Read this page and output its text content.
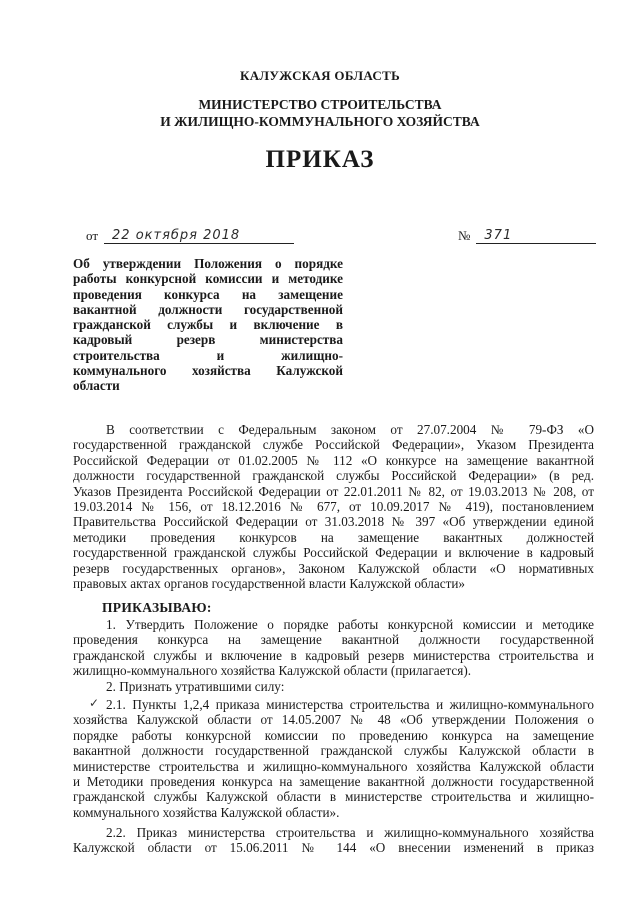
КАЛУЖСКАЯ ОБЛАСТЬ
МИНИСТЕРСТВО СТРОИТЕЛЬСТВА
И ЖИЛИЩНО-КОММУНАЛЬНОГО ХОЗЯЙСТВА
ПРИКАЗ
от 22 октября 2018	№ 371
Об утверждении Положения о порядке
работы конкурсной комиссии и методике
проведения конкурса на замещение
вакантной должности государственной
гражданской службы и включение в
кадровый резерв министерства
строительства и жилищно-
коммунального хозяйства Калужской
области
В соответствии с Федеральным законом от 27.07.2004 № 79-ФЗ «О
государственной гражданской службе Российской Федерации», Указом Президента
Российской Федерации от 01.02.2005 № 112 «О конкурсе на замещение вакантной
должности государственной гражданской службы Российской Федерации» (в ред.
Указов Президента Российской Федерации от 22.01.2011 № 82, от 19.03.2013 № 208, от
19.03.2014 № 156, от 18.12.2016 № 677, от 10.09.2017 № 419), постановлением
Правительства Российской Федерации от 31.03.2018 № 397 «Об утверждении единой
методики проведения конкурсов на замещение вакантных должностей
государственной гражданской службы Российской Федерации и включение в кадровый
резерв государственных органов», Законом Калужской области «О нормативных
правовых актах органов государственной власти Калужской области»
ПРИКАЗЫВАЮ:
1. Утвердить Положение о порядке работы конкурсной комиссии и методике
проведения конкурса на замещение вакантной должности государственной
гражданской службы и включение в кадровый резерв министерства строительства и
жилищно-коммунального хозяйства Калужской области (прилагается).
2. Признать утратившими силу:
✓ 2.1. Пункты 1,2,4 приказа министерства строительства и жилищно-коммунального
хозяйства Калужской области от 14.05.2007 № 48 «Об утверждении Положения о
порядке работы конкурсной комиссии по проведению конкурса на замещение
вакантной должности государственной гражданской службы Калужской области в
министерстве строительства и жилищно-коммунального хозяйства Калужской области
и Методики проведения конкурса на замещение вакантной должности государственной
гражданской службы Калужской области в министерстве строительства и жилищно-
коммунального хозяйства Калужской области».
2.2. Приказ министерства строительства и жилищно-коммунального хозяйства
Калужской области от 15.06.2011 № 144 «О внесении изменений в приказ
